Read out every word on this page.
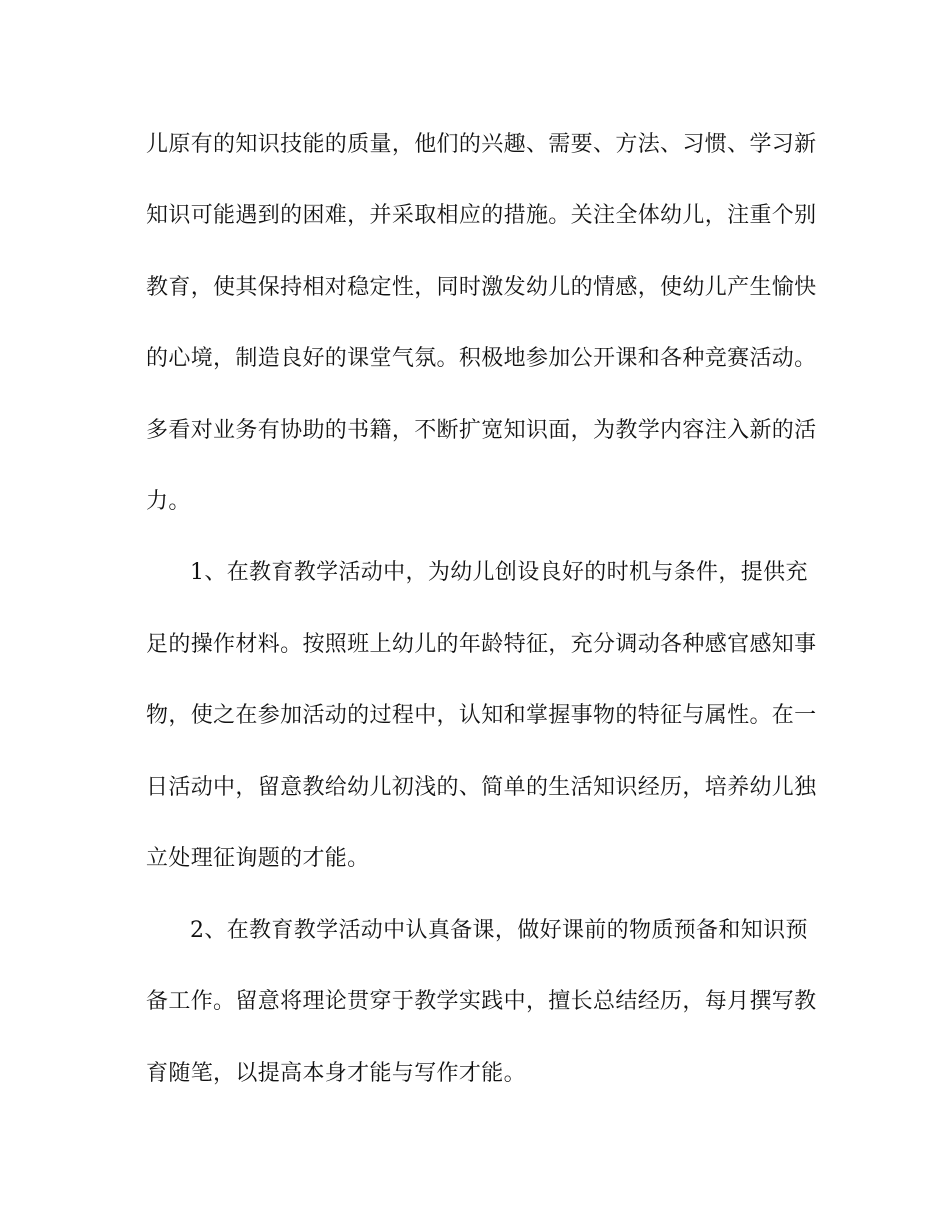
儿原有的知识技能的质量，他们的兴趣、需要、方法、习惯、学习新
知识可能遇到的困难，并采取相应的措施。关注全体幼儿，注重个别
教育，使其保持相对稳定性，同时激发幼儿的情感，使幼儿产生愉快
的心境，制造良好的课堂气氛。积极地参加公开课和各种竞赛活动。
多看对业务有协助的书籍，不断扩宽知识面，为教学内容注入新的活
力。
1、在教育教学活动中，为幼儿创设良好的时机与条件，提供充
足的操作材料。按照班上幼儿的年龄特征，充分调动各种感官感知事
物，使之在参加活动的过程中，认知和掌握事物的特征与属性。在一
日活动中，留意教给幼儿初浅的、简单的生活知识经历，培养幼儿独
立处理征询题的才能。
2、在教育教学活动中认真备课，做好课前的物质预备和知识预
备工作。留意将理论贯穿于教学实践中，擅长总结经历，每月撰写教
育随笔，以提高本身才能与写作才能。
